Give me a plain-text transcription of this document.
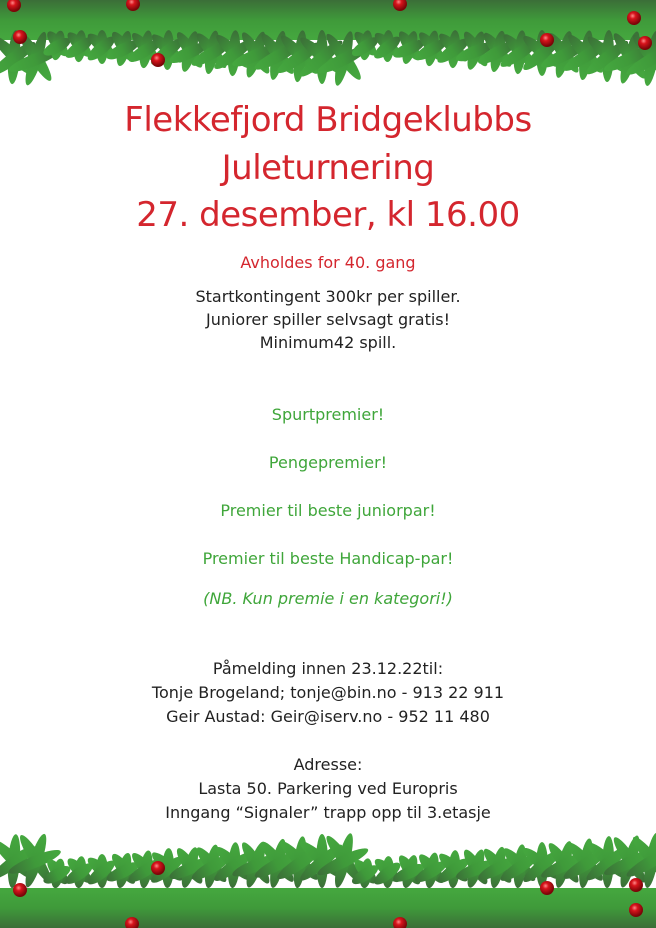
Flekkefjord Bridgeklubbs
Juleturnering
27. desember, kl 16.00
Avholdes for 40. gang
Startkontingent 300kr per spiller.
Juniorer spiller selvsagt gratis!
Minimum42 spill.
Spurtpremier!
Pengepremier!
Premier til beste juniorpar!
Premier til beste Handicap-par!
(NB. Kun premie i en kategori!)
Påmelding innen 23.12.22til:
Tonje Brogeland; tonje@bin.no - 913 22 911
Geir Austad: Geir@iserv.no - 952 11 480
Adresse:
Lasta 50. Parkering ved Europris
Inngang “Signaler” trapp opp til 3.etasje
